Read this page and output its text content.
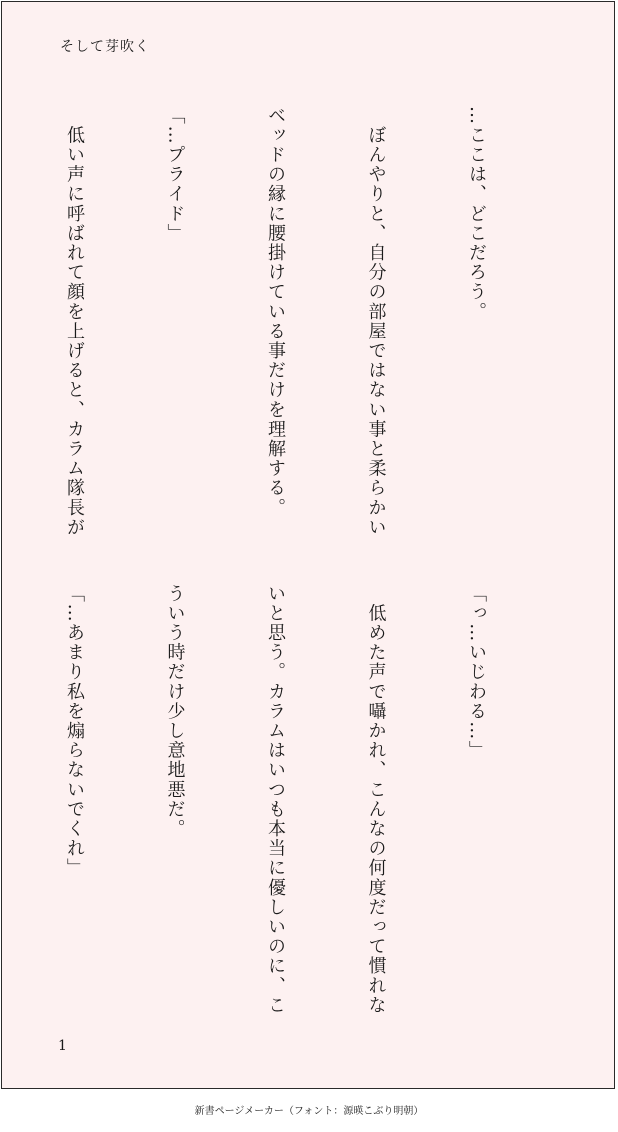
そして芽吹く

…ここは、どこだろう。

　ぼんやりと、自分の部屋ではない事と柔らかい

ベッドの縁に腰掛けている事だけを理解する。

「…プライド」

　低い声に呼ばれて顔を上げると、カラム隊長が

「っ…いじわる…」

　低めた声で囁かれ、こんなの何度だって慣れな

いと思う。カラムはいつも本当に優しいのに、こ

ういう時だけ少し意地悪だ。

「…あまり私を煽らないでくれ」

1
新書ページメーカー（フォント：源暎こぶり明朝）
